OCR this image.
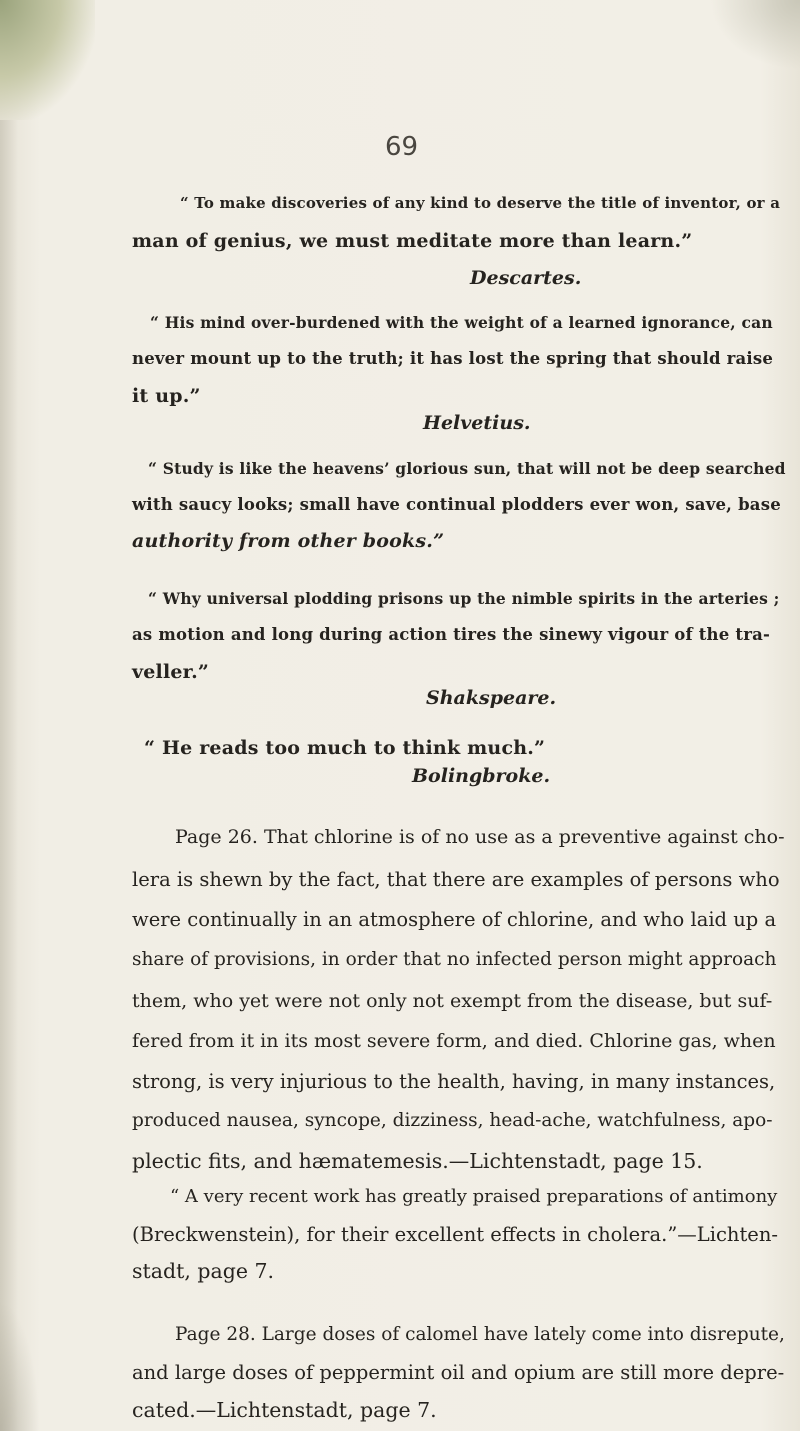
69
“ To make discoveries of any kind to deserve the title of inventor, or a
man of genius, we must meditate more than learn.”
Descartes.
“ His mind over-burdened with the weight of a learned ignorance, can
never mount up to the truth; it has lost the spring that should raise
it up.”
Helvetius.
“ Study is like the heavens’ glorious sun, that will not be deep searched
with saucy looks; small have continual plodders ever won, save, base
authority from other books.”
“ Why universal plodding prisons up the nimble spirits in the arteries ;
as motion and long during action tires the sinewy vigour of the tra-
veller.”
Shakspeare.
“ He reads too much to think much.”
Bolingbroke.
Page 26. That chlorine is of no use as a preventive against cho-
lera is shewn by the fact, that there are examples of persons who
were continually in an atmosphere of chlorine, and who laid up a
share of provisions, in order that no infected person might approach
them, who yet were not only not exempt from the disease, but suf-
fered from it in its most severe form, and died. Chlorine gas, when
strong, is very injurious to the health, having, in many instances,
produced nausea, syncope, dizziness, head-ache, watchfulness, apo-
plectic fits, and hæmatemesis.—Lichtenstadt, page 15.
“ A very recent work has greatly praised preparations of antimony
(Breckwenstein), for their excellent effects in cholera.”—Lichten-
stadt, page 7.
Page 28. Large doses of calomel have lately come into disrepute,
and large doses of peppermint oil and opium are still more depre-
cated.—Lichtenstadt, page 7.
